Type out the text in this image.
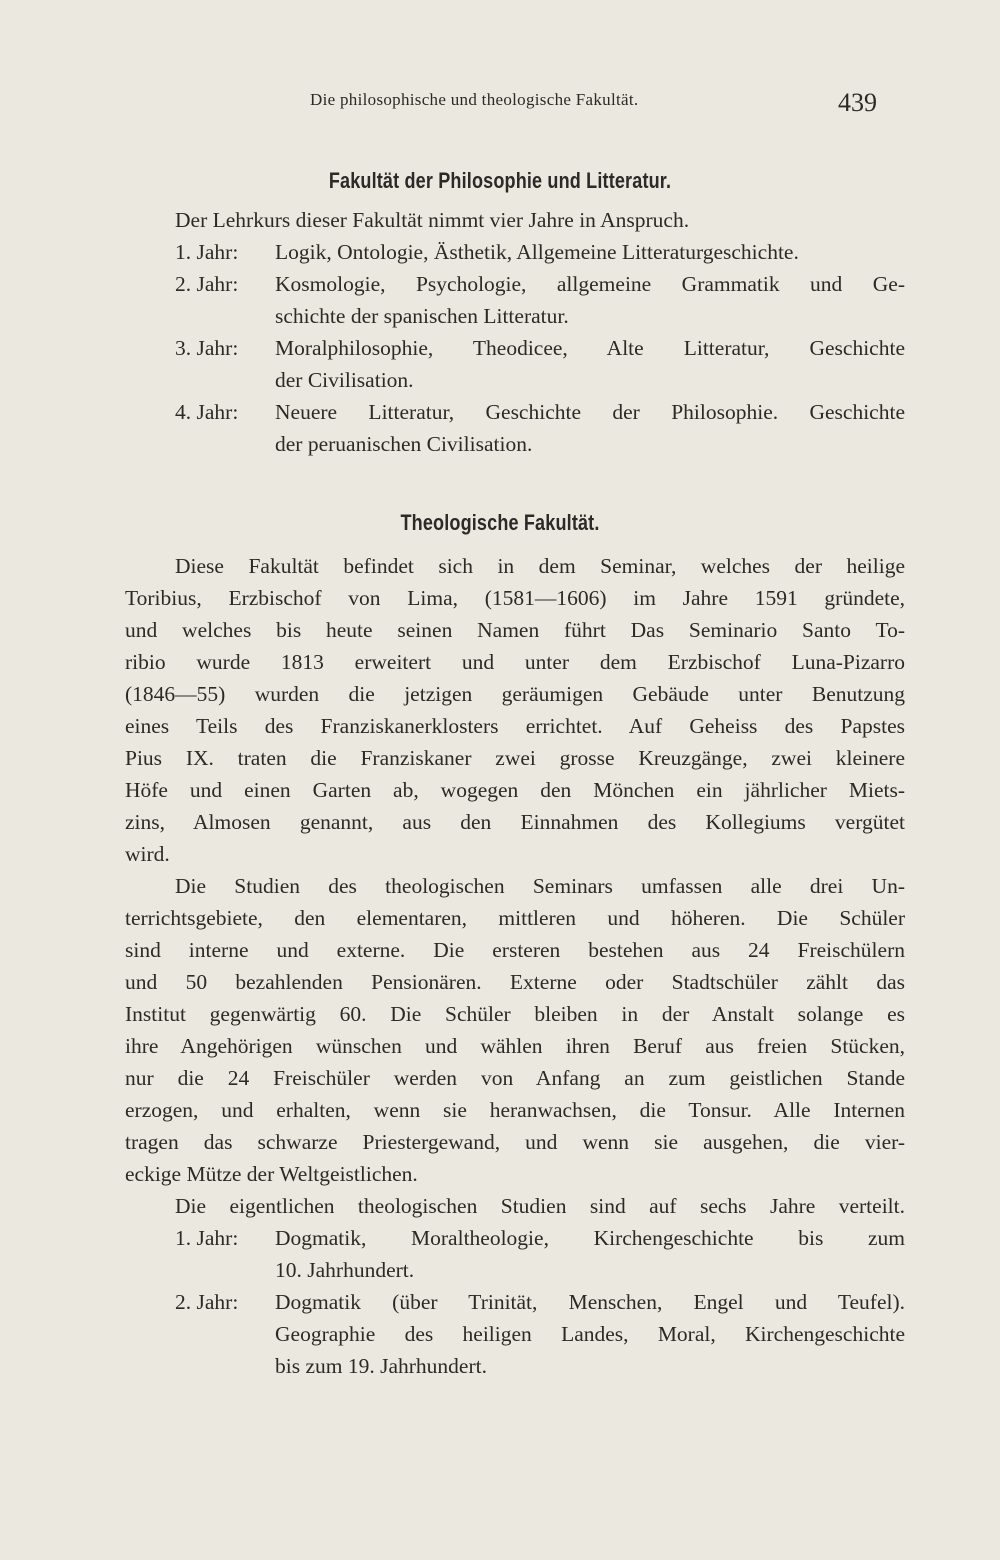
Die philosophische und theologische Fakultät.	439
Fakultät der Philosophie und Litteratur.
Der Lehrkurs dieser Fakultät nimmt vier Jahre in Anspruch.
1. Jahr: Logik, Ontologie, Ästhetik, Allgemeine Litteraturgeschichte.
2. Jahr: Kosmologie, Psychologie, allgemeine Grammatik und Ge-
schichte der spanischen Litteratur.
3. Jahr: Moralphilosophie, Theodicee, Alte Litteratur, Geschichte
der Civilisation.
4. Jahr: Neuere Litteratur, Geschichte der Philosophie. Geschichte
der peruanischen Civilisation.
Theologische Fakultät.
Diese Fakultät befindet sich in dem Seminar, welches der heilige
Toribius, Erzbischof von Lima, (1581—1606) im Jahre 1591 gründete,
und welches bis heute seinen Namen führt Das Seminario Santo To-
ribio wurde 1813 erweitert und unter dem Erzbischof Luna-Pizarro
(1846—55) wurden die jetzigen geräumigen Gebäude unter Benutzung
eines Teils des Franziskanerklosters errichtet. Auf Geheiss des Papstes
Pius IX. traten die Franziskaner zwei grosse Kreuzgänge, zwei kleinere
Höfe und einen Garten ab, wogegen den Mönchen ein jährlicher Miets-
zins, Almosen genannt, aus den Einnahmen des Kollegiums vergütet
wird.
Die Studien des theologischen Seminars umfassen alle drei Un-
terrichtsgebiete, den elementaren, mittleren und höheren. Die Schüler
sind interne und externe. Die ersteren bestehen aus 24 Freischülern
und 50 bezahlenden Pensionären. Externe oder Stadtschüler zählt das
Institut gegenwärtig 60. Die Schüler bleiben in der Anstalt solange es
ihre Angehörigen wünschen und wählen ihren Beruf aus freien Stücken,
nur die 24 Freischüler werden von Anfang an zum geistlichen Stande
erzogen, und erhalten, wenn sie heranwachsen, die Tonsur. Alle Internen
tragen das schwarze Priestergewand, und wenn sie ausgehen, die vier-
eckige Mütze der Weltgeistlichen.
Die eigentlichen theologischen Studien sind auf sechs Jahre verteilt.
1. Jahr: Dogmatik, Moraltheologie, Kirchengeschichte bis zum
10. Jahrhundert.
2. Jahr: Dogmatik (über Trinität, Menschen, Engel und Teufel).
Geographie des heiligen Landes, Moral, Kirchengeschichte
bis zum 19. Jahrhundert.
